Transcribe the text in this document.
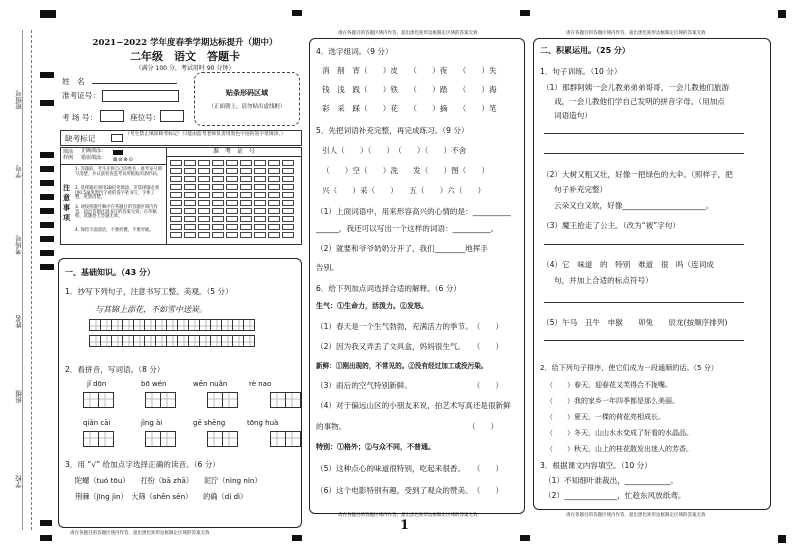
班级号
学号
考场号
姓名
班级
学校
2021−2022 学年度春季学期达标提升（期中）
二年级　语文　答题卡
（满分 100 分，考试用时 90 分钟）
姓　名
准考证号：
考 场 号：	座位号：
贴条形码区域
（正面朝上，请勿贴出虚线框）
缺考标记	（考生禁止填涂缺考标记！只能由监考老师负责用黑色字迹的签字笔填涂。）
填涂样例
正确填涂：
错误填涂： ⊠⊘⊗⊙
准　考　证　号

注意事项
1. 答题前，考生先将自己的姓名、准考证号填写清楚，并认真检查监考员所粘贴的条形码。
2. 选择题必须用2B铅笔填涂，非选择题必须用0.5毫米黑色字迹的签字笔书写，字体工整，笔迹清楚。
3. 请按照题号顺序在各题目的答题区域内作答，超出答题区域书写的答案无效；在草稿纸、试题卷上答题无效。
4. 保持卡面清洁，不要折叠，不要弄破。
一、基础知识。（43 分）
1．抄写下列句子，注意书写工整、美观。（5 分）
与其锦上添花，不如雪中送炭。
2．看拼音，写词语。（8 分）
jǐ dōn	bō wén	wēn nuǎn	rè nao

qiǎn cāi	jìng ài	gē shēng	tōng huà

3．用 “√” 给加点字选择正确的读音。（6 分）
陀螺（tuó tōu）　　打扮（bā zhā）　　泥泞（nìng nín）
荆棘（jīng jìn）　大筛（shēn sēn）　　的确（dí dì）
请在各题目的答题区域内作答，超出黑色矩形边框限定区域的答案无效
请在各题目的答题区域内作答，超出黑色矩形边框限定区域的答案无效
4．选字组词。（9 分）
消　削　宵（　　）皮　　（　　）夜　　（　　）失
钱　浅　践（　　）铁　　（　　）踏　　（　　）海
彩　采　踩（　　）花　　（　　）摘　　（　　）笔
5．先把词语补充完整，再完成练习。（9 分）
引人（　　）（　　）　（　　）（　　）不舍
（　　）空（　　）洗　　发（　　）图（　　）
兴（　　）采（　　）　　五（　　）六（　　）
（1）上面词语中，用来形容高兴的心情的是：__________
______，我还可以写出一个这样的词语：__________。
（2）就要和爷爷奶奶分开了，我们________地挥手
告别。
6．给下列加点词选择合适的解释。（6 分）
生气：①生命力，活泼力。②发怒。
（1）春天是一个生气勃勃，充满活力的季节。　（　　）
（2）因为我又弄丢了文具盒，妈妈很生气。　　（　　）
新鲜：①刚出现的，不常见的。②没有经过加工或没污染。
（3）雨后的空气特别新鲜。　　　　　　　　　（　　）
（4）对于偏远山区的小朋友来说，拍艺术写真还是很新鲜
的事物。　　　　　　　　　　　　　　　　　（　　）
特别：①格外；②与众不同，不普通。
（5）这种点心的味道很特别，吃起来很香。　　（　　）
（6）这个电影特别有趣，受到了观众的赞美。　（　　）
请在各题目的答题区域内作答，超出黑色矩形边框限定区域的答案无效
1
请在各题目的答题区域内作答，超出黑色矩形边框限定区域的答案无效
二、积累运用。（25 分）
1．句子训练。（10 分）
（1）那群阿姨一会儿教弟弟弟哥哥，一会儿教他们旅游
戏，一会儿教他们学自己发明的拼音字母。（用加点
词语造句）
（2）大树又粗又壮，好像一把绿色的大伞。（照样子，把
句子补充完整）
云朵又白又软，好像______________________。
（3）魔王抢走了公主。（改为“被”字句）
（4）它　味道　的　特别　难道　很　吗（连词成
句，并加上合适的标点符号）
（5）午马　丑牛　申猴　　卯兔　　辰龙(按顺序排列)
2．给下列句子排序，使它们成为一段通顺的话。（5 分）
（　　）春天，迎春花又芙得合不拢嘴。
（　　）我的家乡一年四季都是那么美丽。
（　　）夏天，一棵的荷花亮相成长。
（　　）冬天，山山水水变成了好看的水晶品。
（　　）秋天，山上的桂花散发出迷人的芳香。
3．根据课文内容填空。（10 分）
（1）不知细叶谁裁出，____________。
（2）______________，忙趁东风放纸鸢。
请在各题目的答题区域内作答，超出黑色矩形边框限定区域的答案无效
